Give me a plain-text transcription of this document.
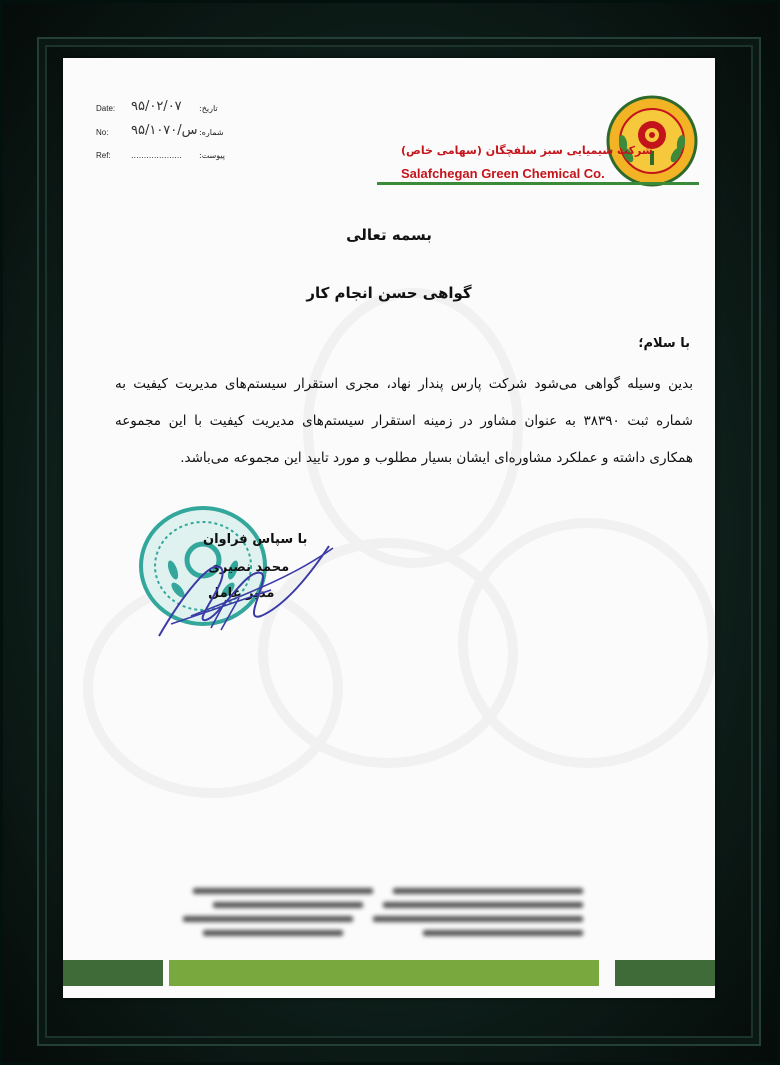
Date: ۹۵/۰۲/۰۷ تاریخ:
No: ۹۵/۱۰۷۰/س شماره:
Ref:	.................... پیوست:	شرکت شیمیایی سبز سلفچگان (سهامی خاص)
Salafchegan Green Chemical Co.
بسمه تعالی
گواهی حسن انجام کار
با سلام؛
بدین وسیله گواهی می‌شود شرکت پارس پندار نهاد، مجری استقرار سیستم‌های مدیریت کیفیت به شماره ثبت ۳۸۳۹۰ به عنوان مشاور در زمینه استقرار سیستم‌های مدیریت کیفیت با این مجموعه همکاری داشته و عملکرد مشاوره‌ای ایشان بسیار مطلوب و مورد تایید این مجموعه می‌باشد.
با سپاس فراوان
محمد نصیری
مدیر عامل
